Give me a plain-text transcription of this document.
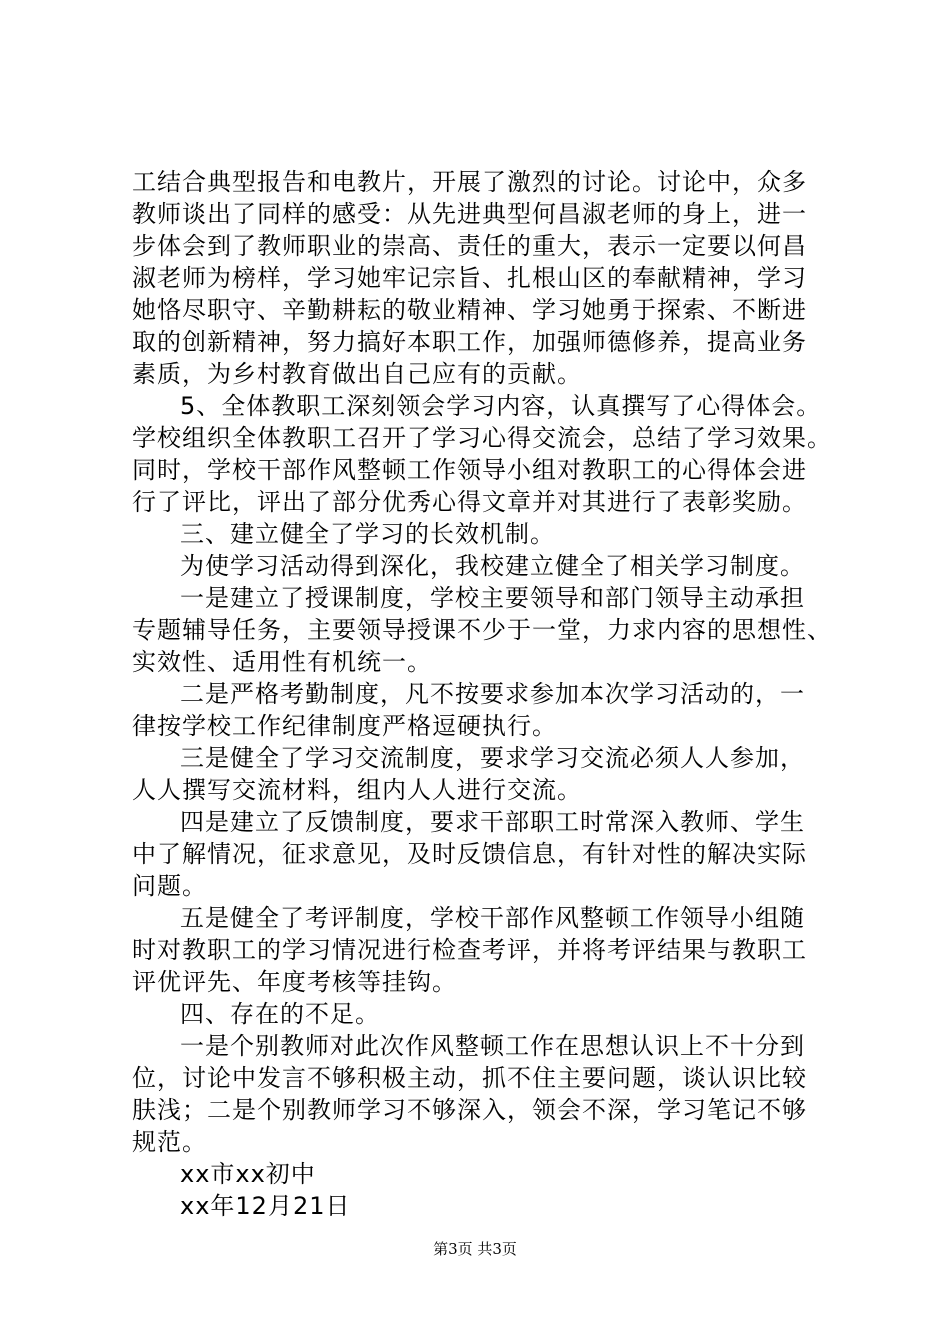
工结合典型报告和电教片，开展了激烈的讨论。讨论中，众多

教师谈出了同样的感受：从先进典型何昌淑老师的身上，进一

步体会到了教师职业的崇高、责任的重大，表示一定要以何昌

淑老师为榜样，学习她牢记宗旨、扎根山区的奉献精神，学习

她恪尽职守、辛勤耕耘的敬业精神、学习她勇于探索、不断进

取的创新精神，努力搞好本职工作，加强师德修养，提高业务

素质，为乡村教育做出自己应有的贡献。

5、全体教职工深刻领会学习内容，认真撰写了心得体会。

学校组织全体教职工召开了学习心得交流会，总结了学习效果。

同时，学校干部作风整顿工作领导小组对教职工的心得体会进

行了评比，评出了部分优秀心得文章并对其进行了表彰奖励。

三、建立健全了学习的长效机制。

为使学习活动得到深化，我校建立健全了相关学习制度。

一是建立了授课制度，学校主要领导和部门领导主动承担

专题辅导任务，主要领导授课不少于一堂，力求内容的思想性、

实效性、适用性有机统一。

二是严格考勤制度，凡不按要求参加本次学习活动的，一

律按学校工作纪律制度严格逗硬执行。

三是健全了学习交流制度，要求学习交流必须人人参加，

人人撰写交流材料，组内人人进行交流。

四是建立了反馈制度，要求干部职工时常深入教师、学生

中了解情况，征求意见，及时反馈信息，有针对性的解决实际

问题。

五是健全了考评制度，学校干部作风整顿工作领导小组随

时对教职工的学习情况进行检查考评，并将考评结果与教职工

评优评先、年度考核等挂钩。

四、存在的不足。

一是个别教师对此次作风整顿工作在思想认识上不十分到

位，讨论中发言不够积极主动，抓不住主要问题，谈认识比较

肤浅；二是个别教师学习不够深入，领会不深，学习笔记不够

规范。

xx市xx初中

xx年12月21日

第3页 共3页
